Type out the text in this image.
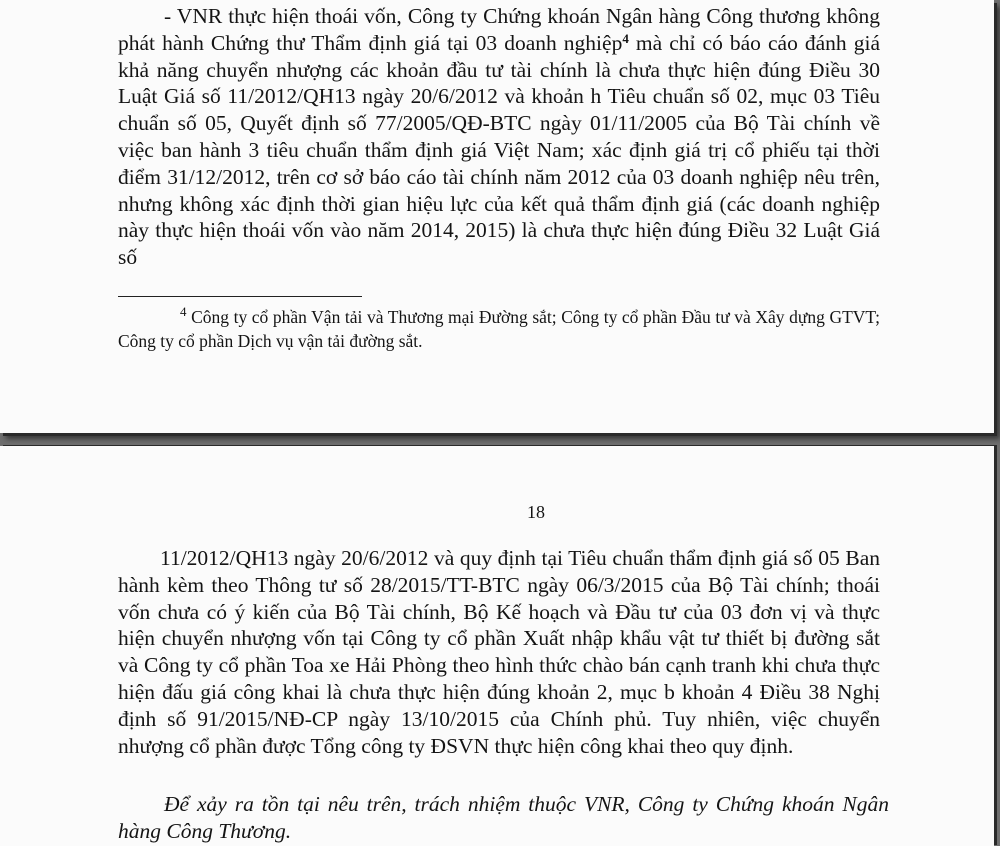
- VNR thực hiện thoái vốn, Công ty Chứng khoán Ngân hàng Công thương không phát hành Chứng thư Thẩm định giá tại 03 doanh nghiệp$^4$ mà chỉ có báo cáo đánh giá khả năng chuyển nhượng các khoản đầu tư tài chính là chưa thực hiện đúng Điều 30 Luật Giá số 11/2012/QH13 ngày 20/6/2012 và khoản h Tiêu chuẩn số 02, mục 03 Tiêu chuẩn số 05, Quyết định số 77/2005/QĐ-BTC ngày 01/11/2005 của Bộ Tài chính về việc ban hành 3 tiêu chuẩn thẩm định giá Việt Nam; xác định giá trị cổ phiếu tại thời điểm 31/12/2012, trên cơ sở báo cáo tài chính năm 2012 của 03 doanh nghiệp nêu trên, nhưng không xác định thời gian hiệu lực của kết quả thẩm định giá (các doanh nghiệp này thực hiện thoái vốn vào năm 2014, 2015) là chưa thực hiện đúng Điều 32 Luật Giá số

$^4$ Công ty cổ phần Vận tải và Thương mại Đường sắt; Công ty cổ phần Đầu tư và Xây dựng GTVT; Công ty cổ phần Dịch vụ vận tải đường sắt.

18

11/2012/QH13 ngày 20/6/2012 và quy định tại Tiêu chuẩn thẩm định giá số 05 Ban hành kèm theo Thông tư số 28/2015/TT-BTC ngày 06/3/2015 của Bộ Tài chính; thoái vốn chưa có ý kiến của Bộ Tài chính, Bộ Kế hoạch và Đầu tư của 03 đơn vị và thực hiện chuyển nhượng vốn tại Công ty cổ phần Xuất nhập khẩu vật tư thiết bị đường sắt và Công ty cổ phần Toa xe Hải Phòng theo hình thức chào bán cạnh tranh khi chưa thực hiện đấu giá công khai là chưa thực hiện đúng khoản 2, mục b khoản 4 Điều 38 Nghị định số 91/2015/NĐ-CP ngày 13/10/2015 của Chính phủ. Tuy nhiên, việc chuyển nhượng cổ phần được Tổng công ty ĐSVN thực hiện công khai theo quy định.

Để xảy ra tồn tại nêu trên, trách nhiệm thuộc VNR, Công ty Chứng khoán Ngân hàng Công Thương.
